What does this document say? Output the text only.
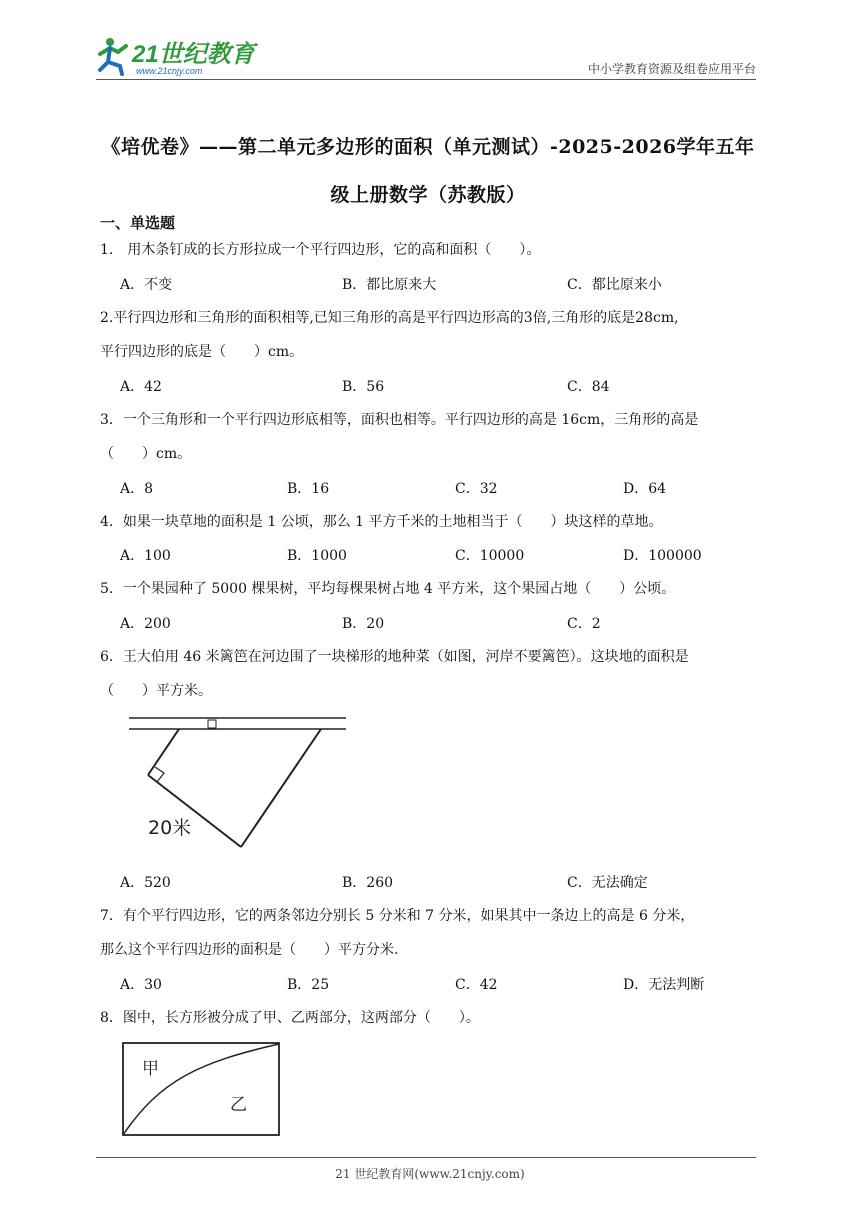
21世纪教育
www.21cnjy.com	中小学教育资源及组卷应用平台
《培优卷》——第二单元多边形的面积（单元测试）-2025-2026学年五年
级上册数学（苏教版）
一、单选题
1.　用木条钉成的长方形拉成一个平行四边形，它的高和面积（　　）。
A．不变	B．都比原来大	C．都比原来小
2.平行四边形和三角形的面积相等,已知三角形的高是平行四边形高的3倍,三角形的底是28cm,
平行四边形的底是（　　）cm。
A．42	B．56	C．84
3．一个三角形和一个平行四边形底相等，面积也相等。平行四边形的高是 16cm，三角形的高是
（　　）cm。
A．8	B．16	C．32	D．64
4．如果一块草地的面积是 1 公顷，那么 1 平方千米的土地相当于（　　）块这样的草地。
A．100	B．1000	C．10000	D．100000
5．一个果园种了 5000 棵果树，平均每棵果树占地 4 平方米，这个果园占地（　　）公顷。
A．200	B．20	C．2
6．王大伯用 46 米篱笆在河边围了一块梯形的地种菜（如图，河岸不要篱笆）。这块地的面积是
（　　）平方米。
20米
A．520	B．260	C．无法确定
7．有个平行四边形，它的两条邻边分别长 5 分米和 7 分米，如果其中一条边上的高是 6 分米，
那么这个平行四边形的面积是（　　）平方分米.
A．30	B．25	C．42	D．无法判断
8．图中，长方形被分成了甲、乙两部分，这两部分（　　）。
甲
乙
21 世纪教育网(www.21cnjy.com)
